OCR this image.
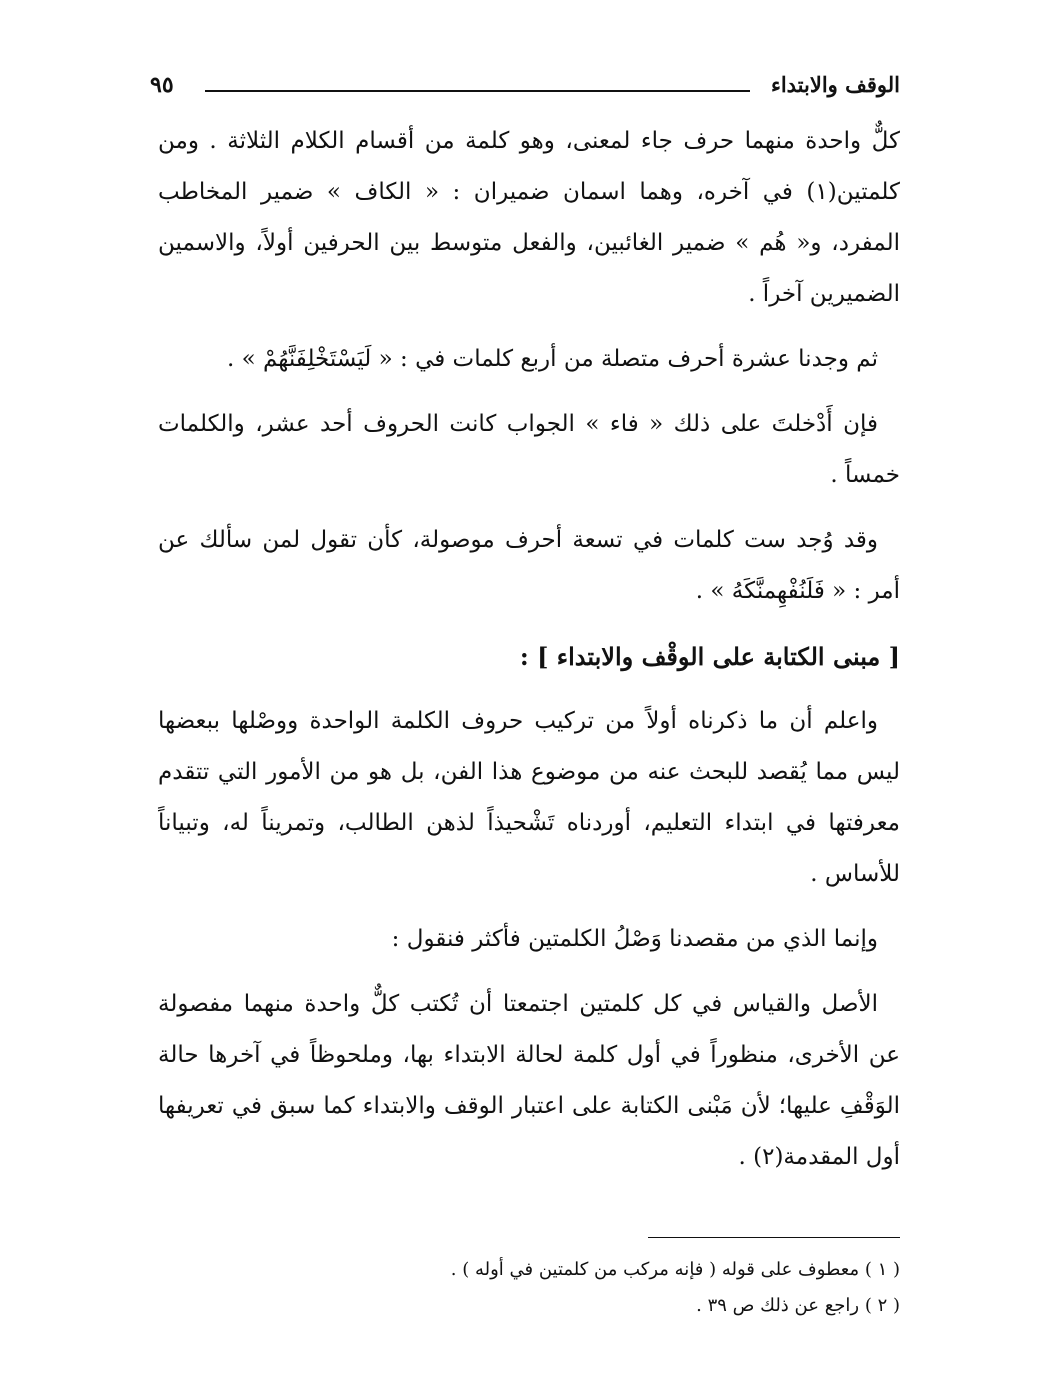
الوقف والابتداء
٩٥

كلٌّ واحدة منهما حرف جاء لمعنى، وهو كلمة من أقسام الكلام الثلاثة . ومن كلمتين(١) في آخره، وهما اسمان ضميران : « الكاف » ضمير المخاطب المفرد، و« هُم » ضمير الغائبين، والفعل متوسط بين الحرفين أولاً، والاسمين الضميرين آخراً .

ثم وجدنا عشرة أحرف متصلة من أربع كلمات في : « لَيَسْتَخْلِفَنَّهُمْ » .

فإن أَدْخلتَ على ذلك « فاء » الجواب كانت الحروف أحد عشر، والكلمات خمساً .

وقد وُجد ست كلمات في تسعة أحرف موصولة، كأن تقول لمن سألك عن أمر : « فَلَنُفْهِمنَّكَهُ » .

[ مبنى الكتابة على الوقْف والابتداء ] :

واعلم أن ما ذكرناه أولاً من تركيب حروف الكلمة الواحدة ووصْلها ببعضها ليس مما يُقصد للبحث عنه من موضوع هذا الفن، بل هو من الأمور التي تتقدم معرفتها في ابتداء التعليم، أوردناه تَشْحيذاً لذهن الطالب، وتمريناً له، وتبياناً للأساس .

وإنما الذي من مقصدنا وَصْلُ الكلمتين فأكثر فنقول :

الأصل والقياس في كل كلمتين اجتمعتا أن تُكتب كلٌّ واحدة منهما مفصولة عن الأخرى، منظوراً في أول كلمة لحالة الابتداء بها، وملحوظاً في آخرها حالة الوَقْفِ عليها؛ لأن مَبْنى الكتابة على اعتبار الوقف والابتداء كما سبق في تعريفها أول المقدمة(٢) .

( ١ ) معطوف على قوله ( فإنه مركب من كلمتين في أوله ) .

( ٢ ) راجع عن ذلك ص ٣٩ .
